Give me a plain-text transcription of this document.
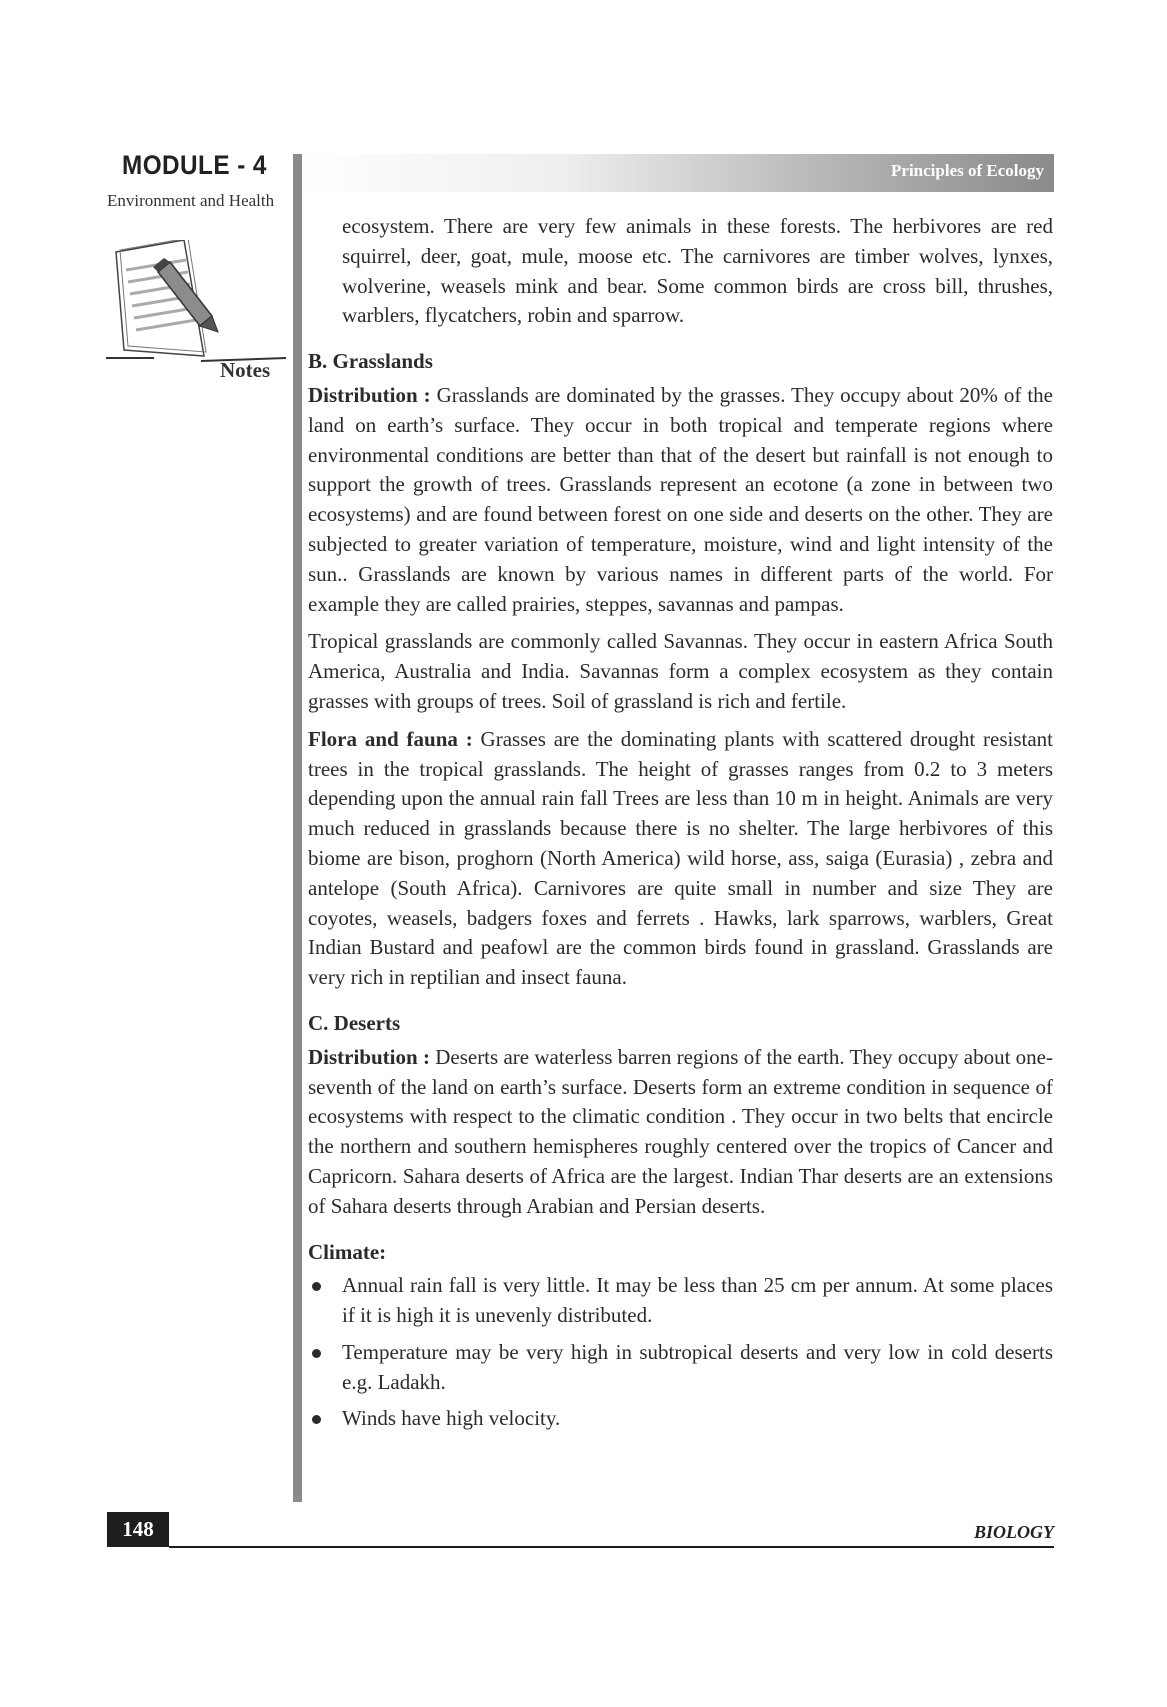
MODULE - 4
Environment and Health
Notes
Principles of Ecology

ecosystem. There are very few animals in these forests. The herbivores are red squirrel, deer, goat, mule, moose etc. The carnivores are timber wolves, lynxes, wolverine, weasels mink and bear. Some common birds are cross bill, thrushes, warblers, flycatchers, robin and sparrow.

B. Grasslands

Distribution : Grasslands are dominated by the grasses. They occupy about 20% of the land on earth’s surface. They occur in both tropical and temperate regions where environmental conditions are better than that of the desert but rainfall is not enough to support the growth of trees. Grasslands represent an ecotone (a zone in between two ecosystems) and are found between forest on one side and deserts on the other. They are subjected to greater variation of temperature, moisture, wind and light intensity of the sun.. Grasslands are known by various names in different parts of the world. For example they are called prairies, steppes, savannas and pampas.

Tropical grasslands are commonly called Savannas. They occur in eastern Africa South America, Australia and India. Savannas form a complex ecosystem as they contain grasses with groups of trees. Soil of grassland is rich and fertile.

Flora and fauna : Grasses are the dominating plants with scattered drought resistant trees in the tropical grasslands. The height of grasses ranges from 0.2 to 3 meters depending upon the annual rain fall Trees are less than 10 m in height. Animals are very much reduced in grasslands because there is no shelter. The large herbivores of this biome are bison, proghorn (North America) wild horse, ass, saiga (Eurasia) , zebra and antelope (South Africa). Carnivores are quite small in number and size They are coyotes, weasels, badgers foxes and ferrets . Hawks, lark sparrows, warblers, Great Indian Bustard and peafowl are the common birds found in grassland. Grasslands are very rich in reptilian and insect fauna.

C. Deserts

Distribution : Deserts are waterless barren regions of the earth. They occupy about one-seventh of the land on earth’s surface. Deserts form an extreme condition in sequence of ecosystems with respect to the climatic condition . They occur in two belts that encircle the northern and southern hemispheres roughly centered over the tropics of Cancer and Capricorn. Sahara deserts of Africa are the largest. Indian Thar deserts are an extensions of Sahara deserts through Arabian and Persian deserts.

Climate:
Annual rain fall is very little. It may be less than 25 cm per annum. At some places if it is high it is unevenly distributed.
Temperature may be very high in subtropical deserts and very low in cold deserts e.g. Ladakh.
Winds have high velocity.
148	BIOLOGY
